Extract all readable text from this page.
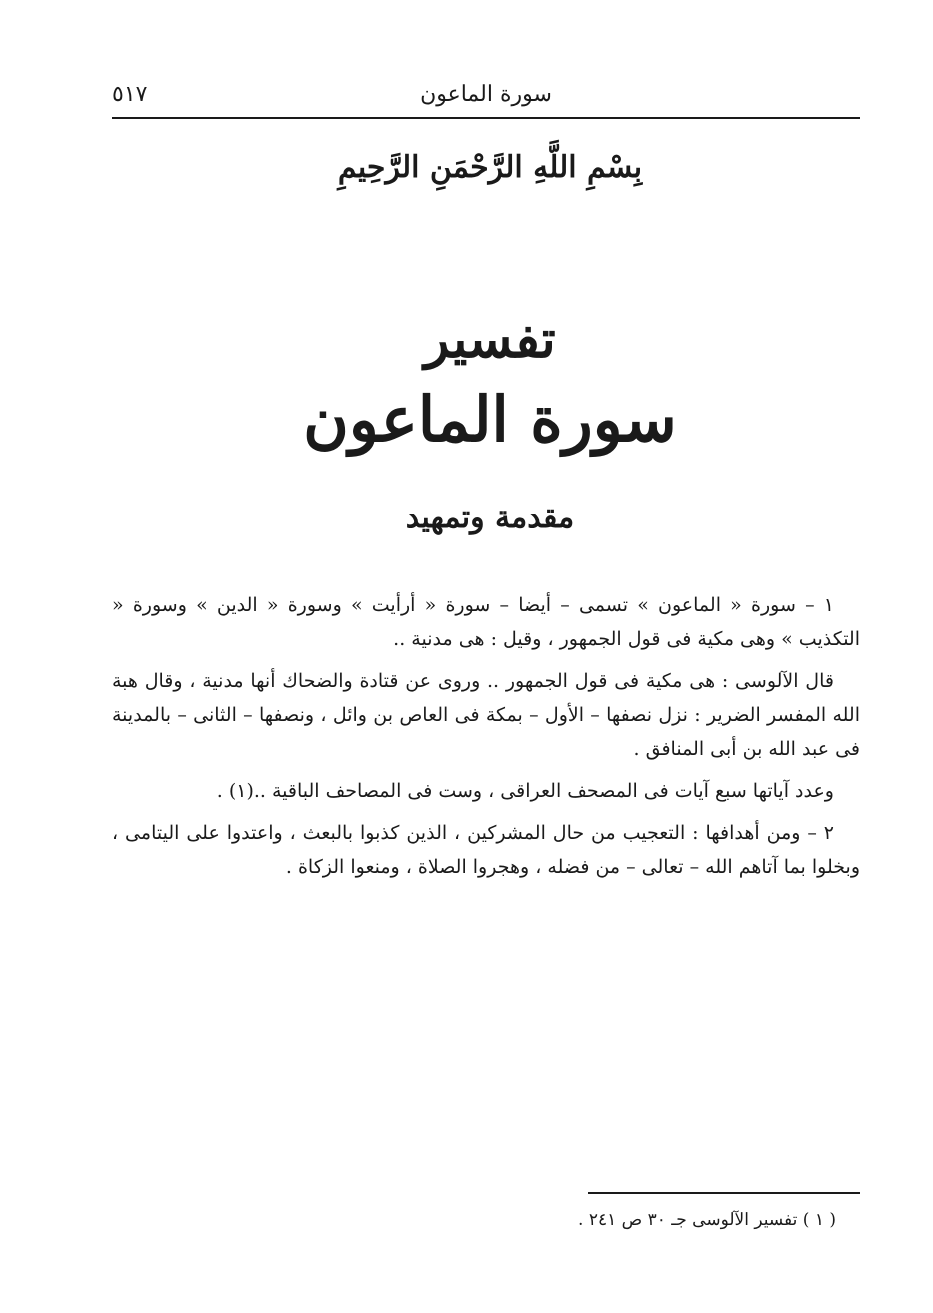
سورة الماعون
٥١٧
بِسْمِ اللَّهِ الرَّحْمَنِ الرَّحِيمِ
تفسير
سورة الماعون
مقدمة وتمهيد

١ – سورة « الماعون » تسمى – أيضا – سورة « أرأيت » وسورة « الدين » وسورة « التكذيب » وهى مكية فى قول الجمهور ، وقيل : هى مدنية ..

قال الآلوسى : هى مكية فى قول الجمهور .. وروى عن قتادة والضحاك أنها مدنية ، وقال هبة الله المفسر الضرير : نزل نصفها – الأول – بمكة فى العاص بن وائل ، ونصفها – الثانى – بالمدينة فى عبد الله بن أبى المنافق .

وعدد آياتها سبع آيات فى المصحف العراقى ، وست فى المصاحف الباقية ..(١) .

٢ – ومن أهدافها : التعجيب من حال المشركين ، الذين كذبوا بالبعث ، واعتدوا على اليتامى ، وبخلوا بما آتاهم الله – تعالى – من فضله ، وهجروا الصلاة ، ومنعوا الزكاة .

( ١ ) تفسير الآلوسى جـ ٣٠ ص ٢٤١ .
